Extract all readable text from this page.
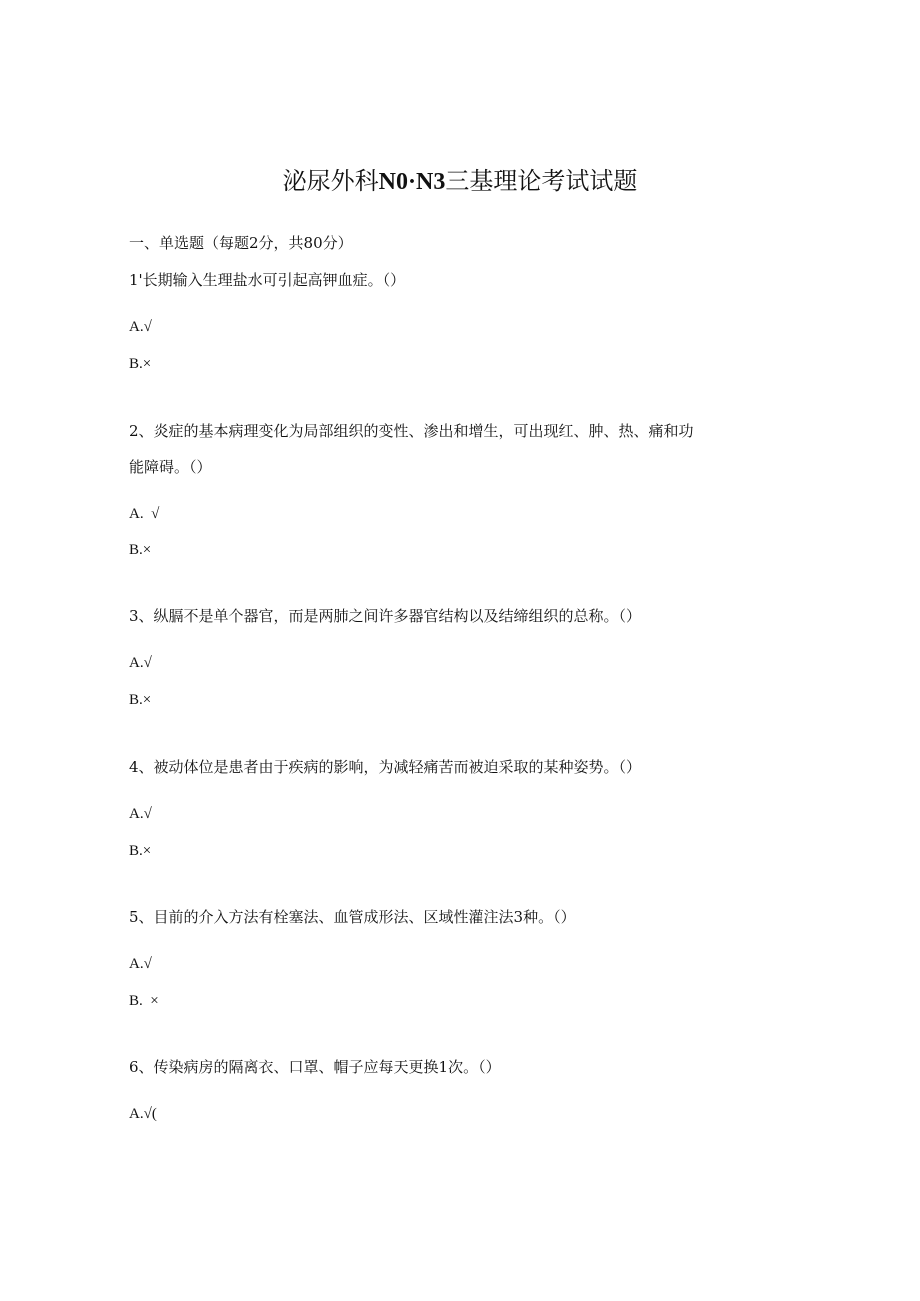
泌尿外科N0·N3三基理论考试试题
一、单选题（每题2分，共80分）
1'长期输入生理盐水可引起高钾血症。（）
A.√
B.×
2、炎症的基本病理变化为局部组织的变性、渗出和增生，可出现红、肿、热、痛和功
能障碍。（）
A.  √
B.×
3、纵膈不是单个器官，而是两肺之间许多器官结构以及结缔组织的总称。（）
A.√
B.×
4、被动体位是患者由于疾病的影响，为减轻痛苦而被迫采取的某种姿势。（）
A.√
B.×
5、目前的介入方法有栓塞法、血管成形法、区域性灌注法3种。（）
A.√
B.  ×
6、传染病房的隔离衣、口罩、帽子应每天更换1次。（）
A.√(
